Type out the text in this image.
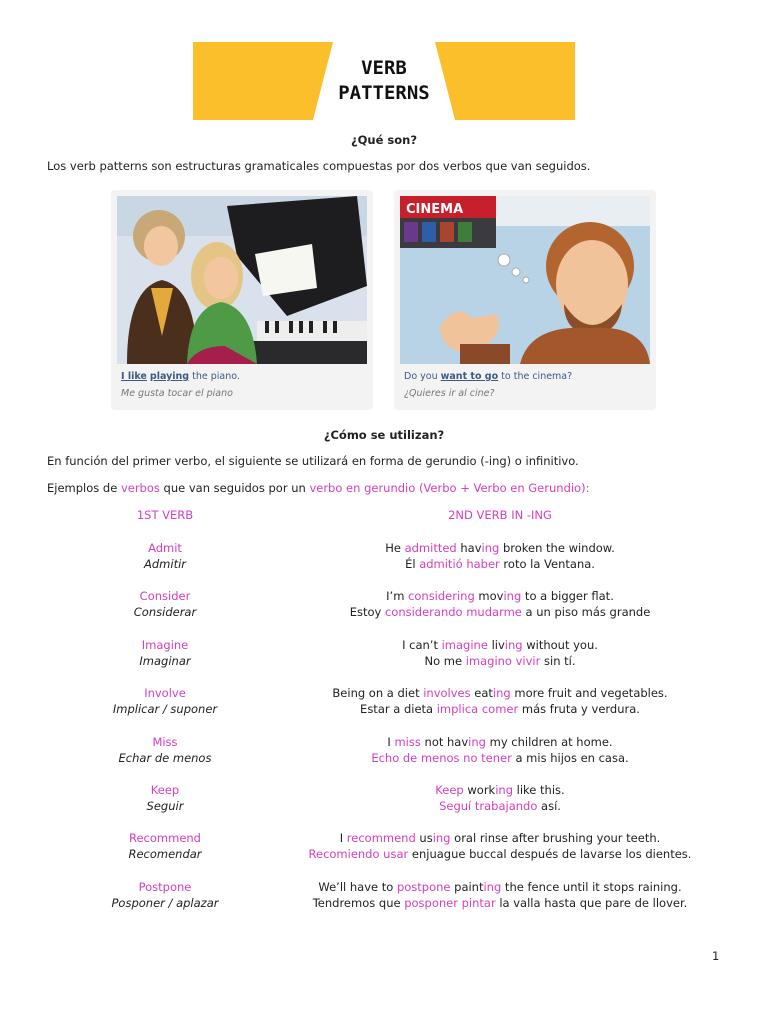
VERB
PATTERNS
¿Qué son?
Los verb patterns son estructuras gramaticales compuestas por dos verbos que van seguidos.
I like playing the piano.
Me gusta tocar el piano
CINEMA
Do you want to go to the cinema?
¿Quieres ir al cine?
¿Cómo se utilizan?
En función del primer verbo, el siguiente se utilizará en forma de gerundio (-ing) o infinitivo.
Ejemplos de verbos que van seguidos por un verbo en gerundio (Verbo + Verbo en Gerundio):
1ST VERB	2ND VERB IN -ING
Admit
Admitir
He admitted having broken the window.
Él admitió haber roto la Ventana.
Consider
Considerar
I’m considering moving to a bigger flat.
Estoy considerando mudarme a un piso más grande
Imagine
Imaginar
I can’t imagine living without you.
No me imagino vivir sin tí.
Involve
Implicar / suponer
Being on a diet involves eating more fruit and vegetables.
Estar a dieta implica comer más fruta y verdura.
Miss
Echar de menos
I miss not having my children at home.
Echo de menos no tener a mis hijos en casa.
Keep
Seguir
Keep working like this.
Seguí trabajando así.
Recommend
Recomendar
I recommend using oral rinse after brushing your teeth.
Recomiendo usar enjuague buccal después de lavarse los dientes.
Postpone
Posponer / aplazar
We’ll have to postpone painting the fence until it stops raining.
Tendremos que posponer pintar la valla hasta que pare de llover.
1
